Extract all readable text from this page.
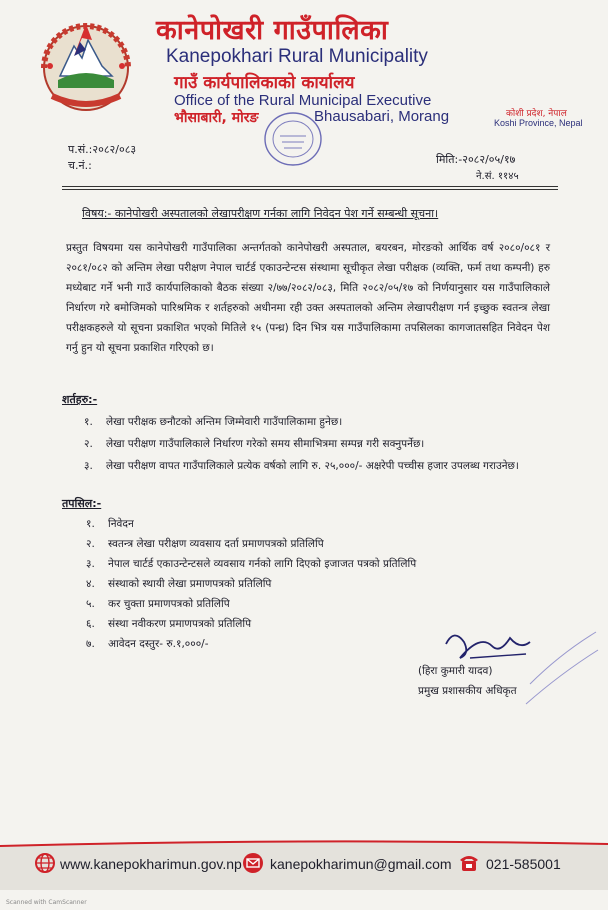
कानेपोखरी गाउँपालिका
Kanepokhari Rural Municipality
गाउँ कार्यपालिकाको कार्यालय
Office of the Rural Municipal Executive
भौसाबारी, मोरङ	Bhausabari, Morang	कोशी प्रदेश, नेपाल
Koshi Province, Nepal
प.सं.:२०८२/०८३
च.नं.:	मिति:-२०८२/०५/१७
ने.सं. ११४५
विषय:- कानेपोखरी अस्पतालको लेखापरीक्षण गर्नका लागि निवेदन पेश गर्ने सम्बन्धी सूचना।

प्रस्तुत विषयमा यस कानेपोखरी गाउँपालिका अन्तर्गतको कानेपोखरी अस्पताल, बयरबन, मोरङको आर्थिक वर्ष २०८०/०८१ र २०८१/०८२ को अन्तिम लेखा परीक्षण नेपाल चार्टर्ड एकाउन्टेन्टस संस्थामा सूचीकृत लेखा परीक्षक (व्यक्ति, फर्म तथा कम्पनी) हरु मध्येबाट गर्ने भनी गाउँ कार्यपालिकाको बैठक संख्या २/७७/२०८२/०८३, मिति २०८२/०५/१७ को निर्णयानुसार यस गाउँपालिकाले निर्धारण गरे बमोजिमको पारिश्रमिक र शर्तहरुको अधीनमा रही उक्त अस्पतालको अन्तिम लेखापरीक्षण गर्न इच्छुक स्वतन्त्र लेखा परीक्षकहरुले यो सूचना प्रकाशित भएको मितिले १५ (पन्ध्र) दिन भित्र यस गाउँपालिकामा तपसिलका कागजातसहित निवेदन पेश गर्नु हुन यो सूचना प्रकाशित गरिएको छ।

शर्तहरु:-
१.	लेखा परीक्षक छनौटको अन्तिम जिम्मेवारी गाउँपालिकामा हुनेछ।
२.	लेखा परीक्षण गाउँपालिकाले निर्धारण गरेको समय सीमाभित्रमा सम्पन्न गरी सक्नुपर्नेछ।
३.	लेखा परीक्षण वापत गाउँपालिकाले प्रत्येक वर्षको लागि रु. २५,०००/- अक्षरेपी पच्चीस हजार उपलब्ध गराउनेछ।
तपसिल:-
१.	निवेदन
२.	स्वतन्त्र लेखा परीक्षण व्यवसाय दर्ता प्रमाणपत्रको प्रतिलिपि
३.	नेपाल चार्टर्ड एकाउन्टेन्टसले व्यवसाय गर्नको लागि दिएको इजाजत पत्रको प्रतिलिपि
४.	संस्थाको स्थायी लेखा प्रमाणपत्रको प्रतिलिपि
५.	कर चुक्ता प्रमाणपत्रको प्रतिलिपि
६.	संस्था नवीकरण प्रमाणपत्रको प्रतिलिपि
७.	आवेदन दस्तुर- रु.१,०००/-
(हिरा कुमारी यादव)
प्रमुख प्रशासकीय अधिकृत
www.kanepokharimun.gov.np kanepokharimun@gmail.com 021-585001
Scanned with CamScanner
